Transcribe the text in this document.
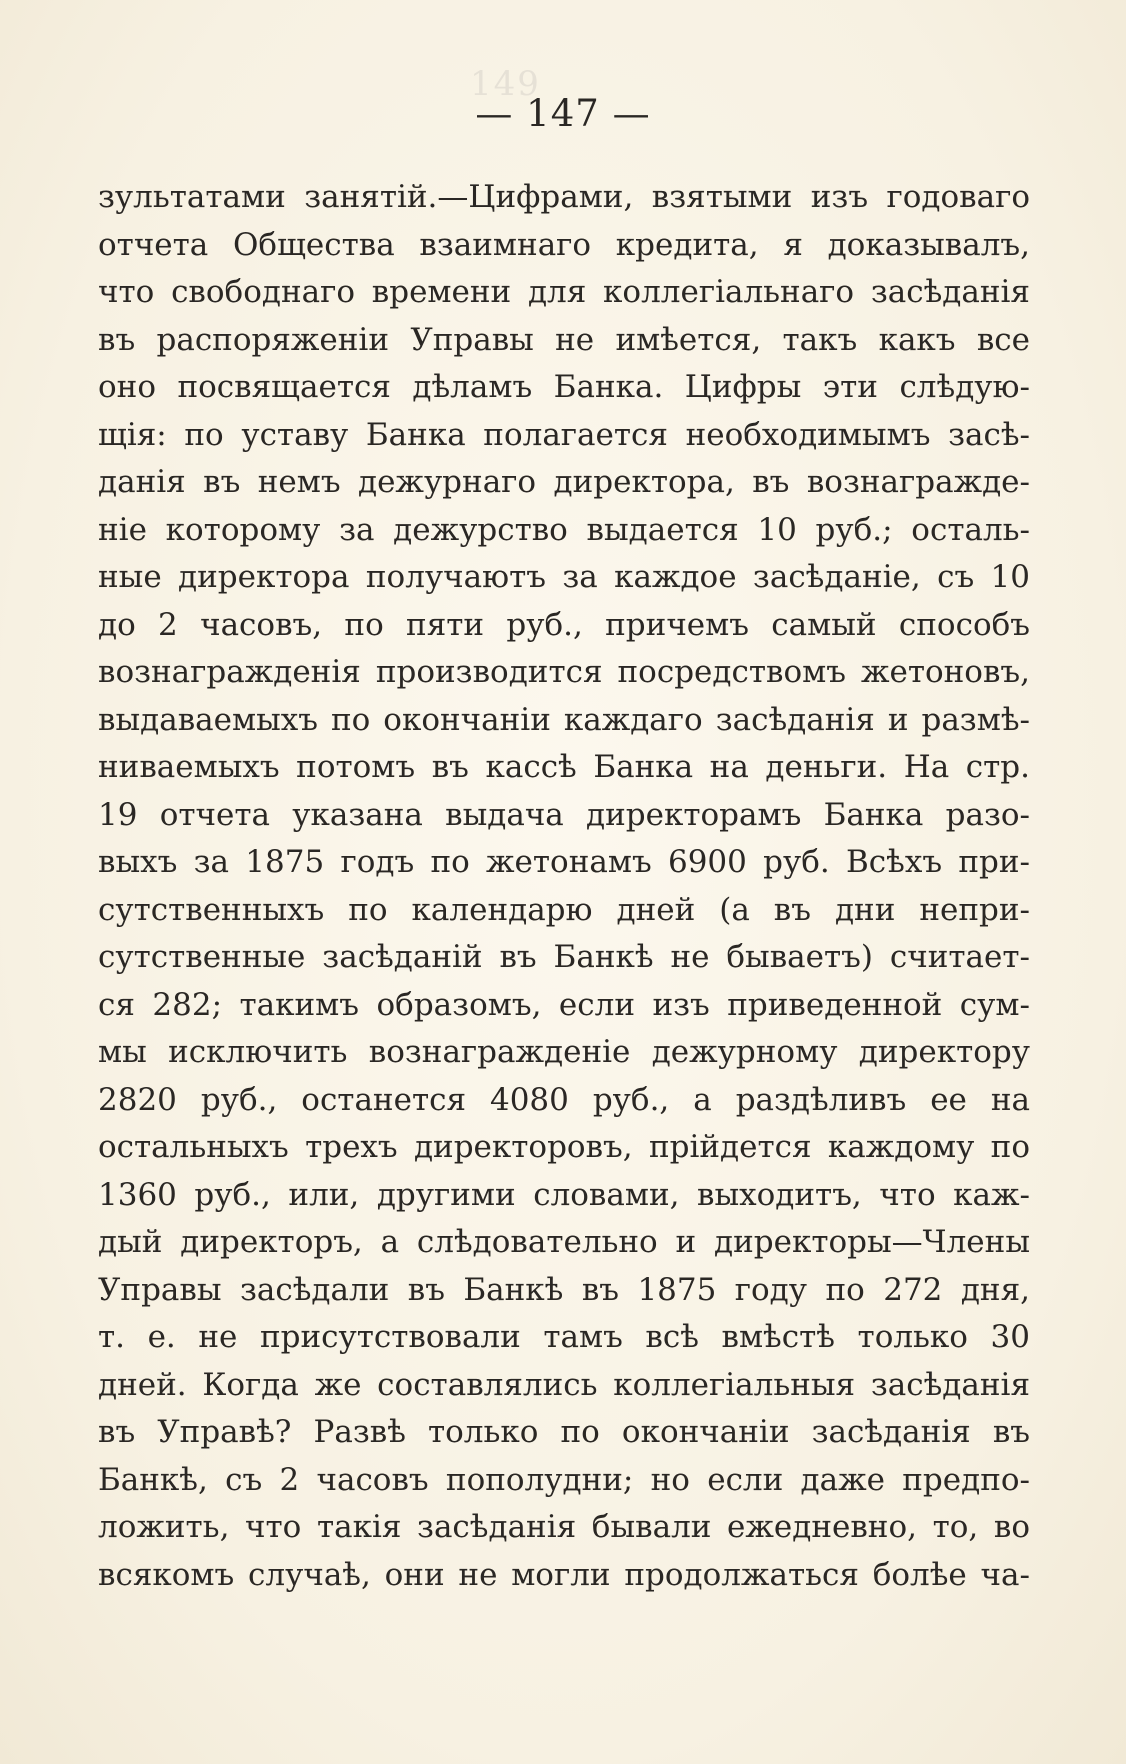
149
— 147 —
зультатами занятій.—Цифрами, взятыми изъ годоваго
отчета Общества взаимнаго кредита, я доказывалъ,
что свободнаго времени для коллегіальнаго засѣданія
въ распоряженіи Управы не имѣется, такъ какъ все
оно посвящается дѣламъ Банка. Цифры эти слѣдую-
щія: по уставу Банка полагается необходимымъ засѣ-
данія въ немъ дежурнаго директора, въ вознагражде-
ніе которому за дежурство выдается 10 руб.; осталь-
ные директора получаютъ за каждое засѣданіе, съ 10
до 2 часовъ, по пяти руб., причемъ самый способъ
вознагражденія производится посредствомъ жетоновъ,
выдаваемыхъ по окончаніи каждаго засѣданія и размѣ-
ниваемыхъ потомъ въ кассѣ Банка на деньги. На стр.
19 отчета указана выдача директорамъ Банка разо-
выхъ за 1875 годъ по жетонамъ 6900 руб. Всѣхъ при-
сутственныхъ по календарю дней (а въ дни непри-
сутственные засѣданій въ Банкѣ не бываетъ) считает-
ся 282; такимъ образомъ, если изъ приведенной сум-
мы исключить вознагражденіе дежурному директору
2820 руб., останется 4080 руб., а раздѣливъ ее на
остальныхъ трехъ директоровъ, прійдется каждому по
1360 руб., или, другими словами, выходитъ, что каж-
дый директоръ, а слѣдовательно и директоры—Члены
Управы засѣдали въ Банкѣ въ 1875 году по 272 дня,
т. е. не присутствовали тамъ всѣ вмѣстѣ только 30
дней. Когда же составлялись коллегіальныя засѣданія
въ Управѣ? Развѣ только по окончаніи засѣданія въ
Банкѣ, съ 2 часовъ пополудни; но если даже предпо-
ложить, что такія засѣданія бывали ежедневно, то, во
всякомъ случаѣ, они не могли продолжаться болѣе ча-
